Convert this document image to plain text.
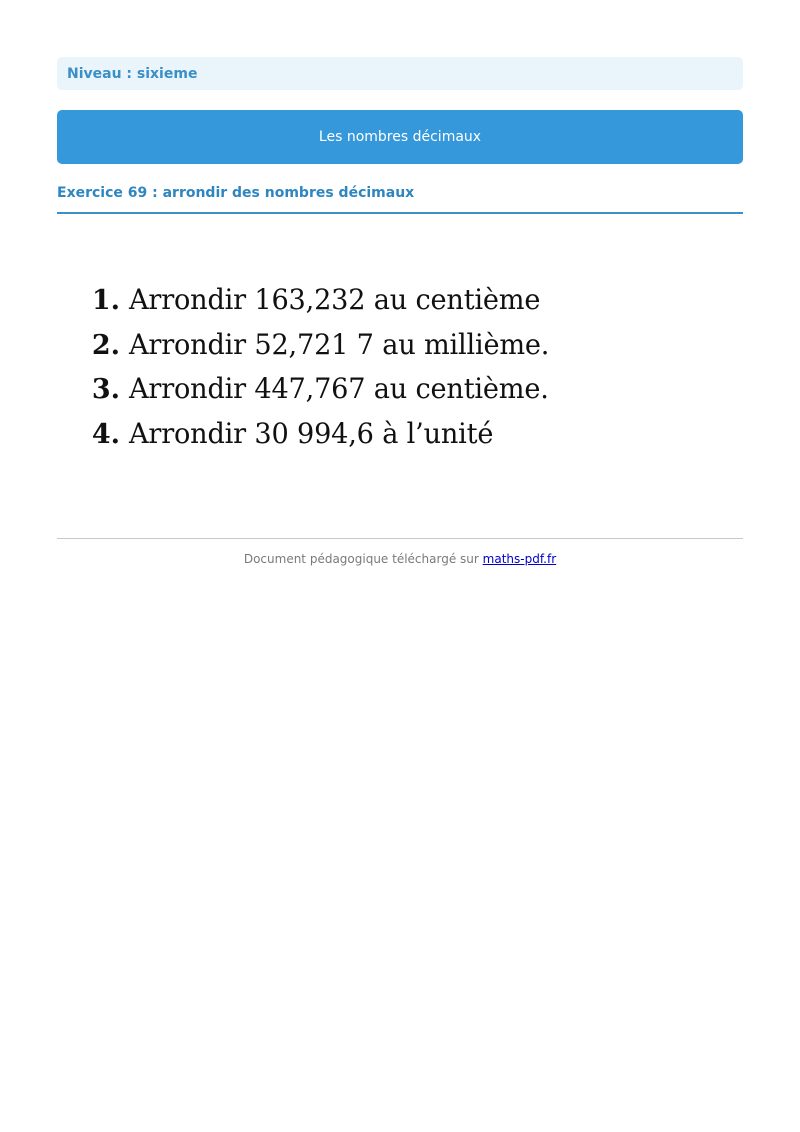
Niveau : sixieme
Les nombres décimaux
Exercice 69 : arrondir des nombres décimaux
1. Arrondir 163,232 au centième
2. Arrondir 52,721 7 au millième.
3. Arrondir 447,767 au centième.
4. Arrondir 30 994,6 à l’unité
Document pédagogique téléchargé sur maths-pdf.fr
